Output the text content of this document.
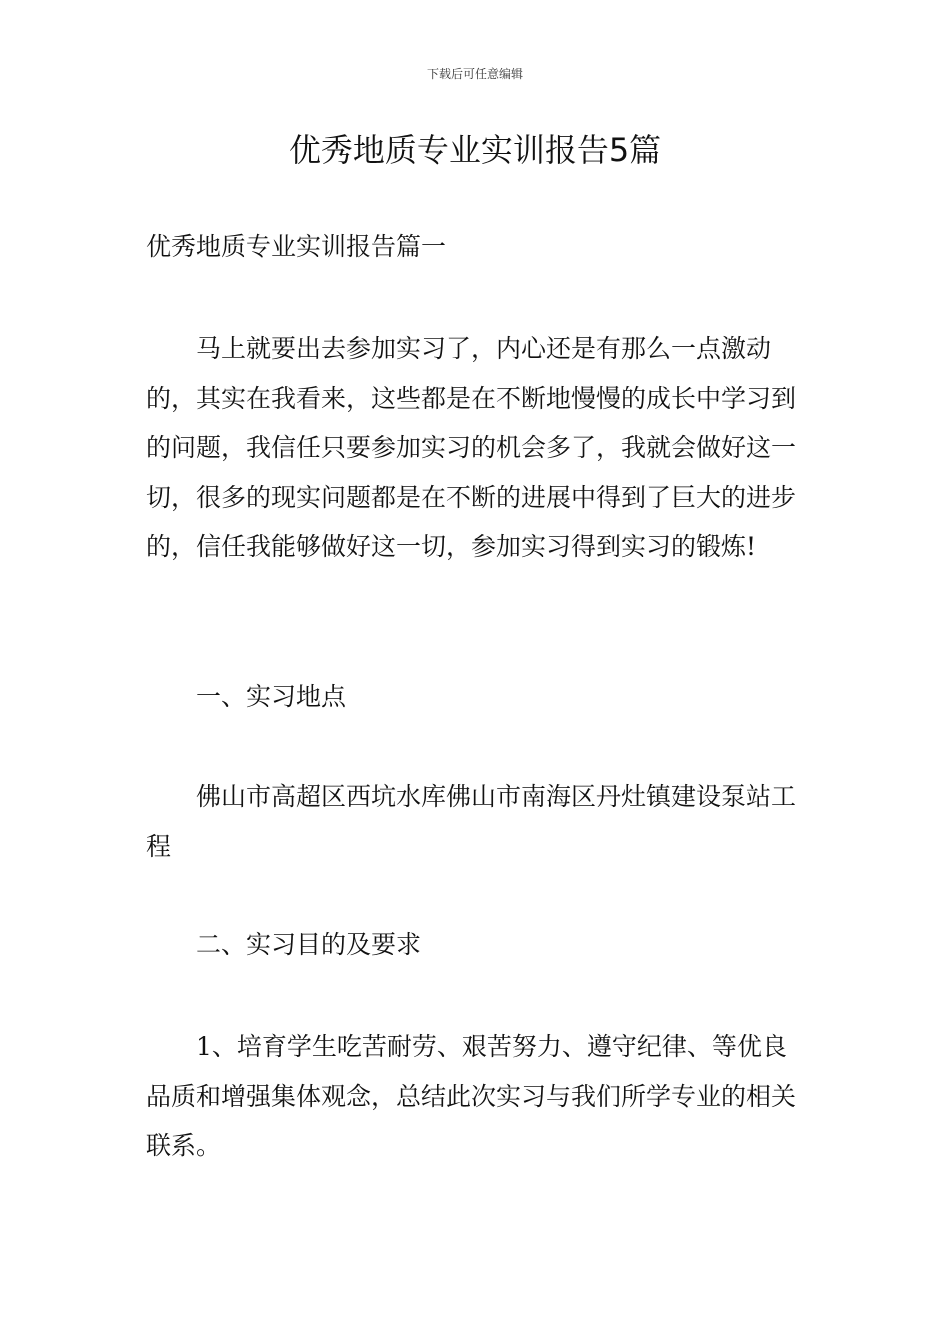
下载后可任意编辑
优秀地质专业实训报告5篇

优秀地质专业实训报告篇一

马上就要出去参加实习了，内心还是有那么一点激动的，其实在我看来，这些都是在不断地慢慢的成长中学习到的问题，我信任只要参加实习的机会多了，我就会做好这一切，很多的现实问题都是在不断的进展中得到了巨大的进步的，信任我能够做好这一切，参加实习得到实习的锻炼!

一、实习地点

佛山市高超区西坑水库佛山市南海区丹灶镇建设泵站工程

二、实习目的及要求

1、培育学生吃苦耐劳、艰苦努力、遵守纪律、等优良品质和增强集体观念，总结此次实习与我们所学专业的相关联系。
